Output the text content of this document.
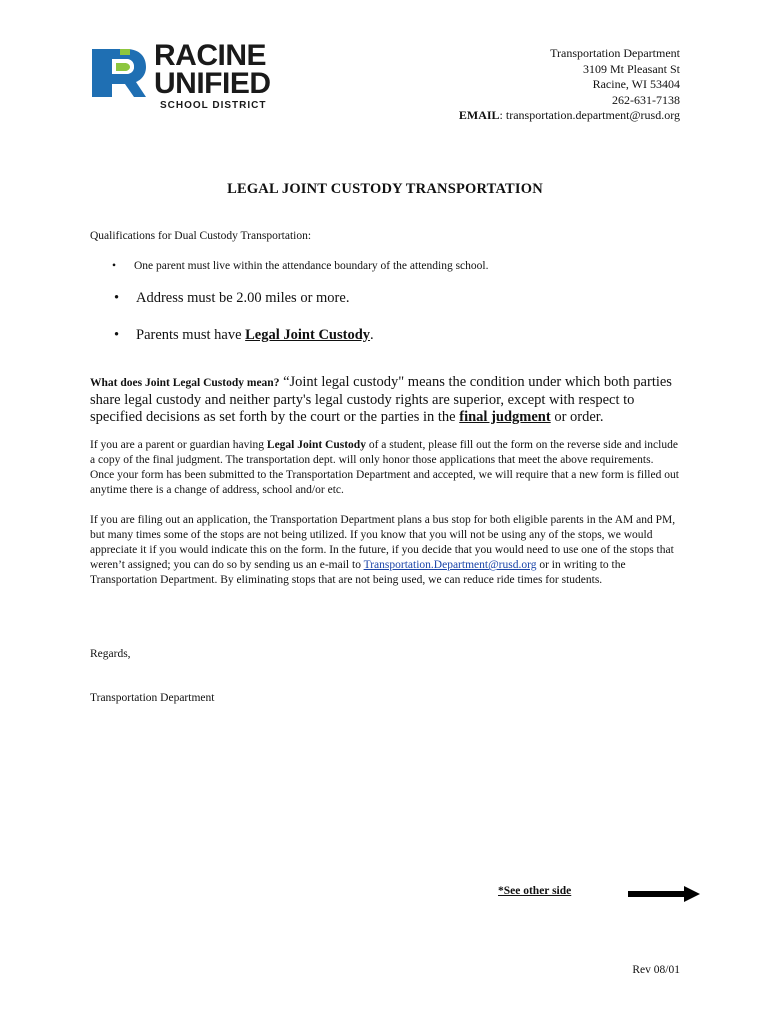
RACINE
UNIFIED
SCHOOL DISTRICT
Transportation Department
3109 Mt Pleasant St
Racine, WI 53404
262-631-7138
EMAIL: transportation.department@rusd.org
LEGAL JOINT CUSTODY TRANSPORTATION
Qualifications for Dual Custody Transportation:
• One parent must live within the attendance boundary of the attending school.
• Address must be 2.00 miles or more.
• Parents must have Legal Joint Custody.
What does Joint Legal Custody mean? “Joint legal custody" means the condition under which both parties share legal custody and neither party's legal custody rights are superior, except with respect to specified decisions as set forth by the court or the parties in the final judgment or order.
If you are a parent or guardian having Legal Joint Custody of a student, please fill out the form on the reverse side and include a copy of the final judgment. The transportation dept. will only honor those applications that meet the above requirements. Once your form has been submitted to the Transportation Department and accepted, we will require that a new form is filled out anytime there is a change of address, school and/or etc.
If you are filing out an application, the Transportation Department plans a bus stop for both eligible parents in the AM and PM, but many times some of the stops are not being utilized. If you know that you will not be using any of the stops, we would appreciate it if you would indicate this on the form. In the future, if you decide that you would need to use one of the stops that weren’t assigned; you can do so by sending us an e-mail to Transportation.Department@rusd.org or in writing to the Transportation Department. By eliminating stops that are not being used, we can reduce ride times for students.
Regards,
Transportation Department
*See other side
Rev 08/01
